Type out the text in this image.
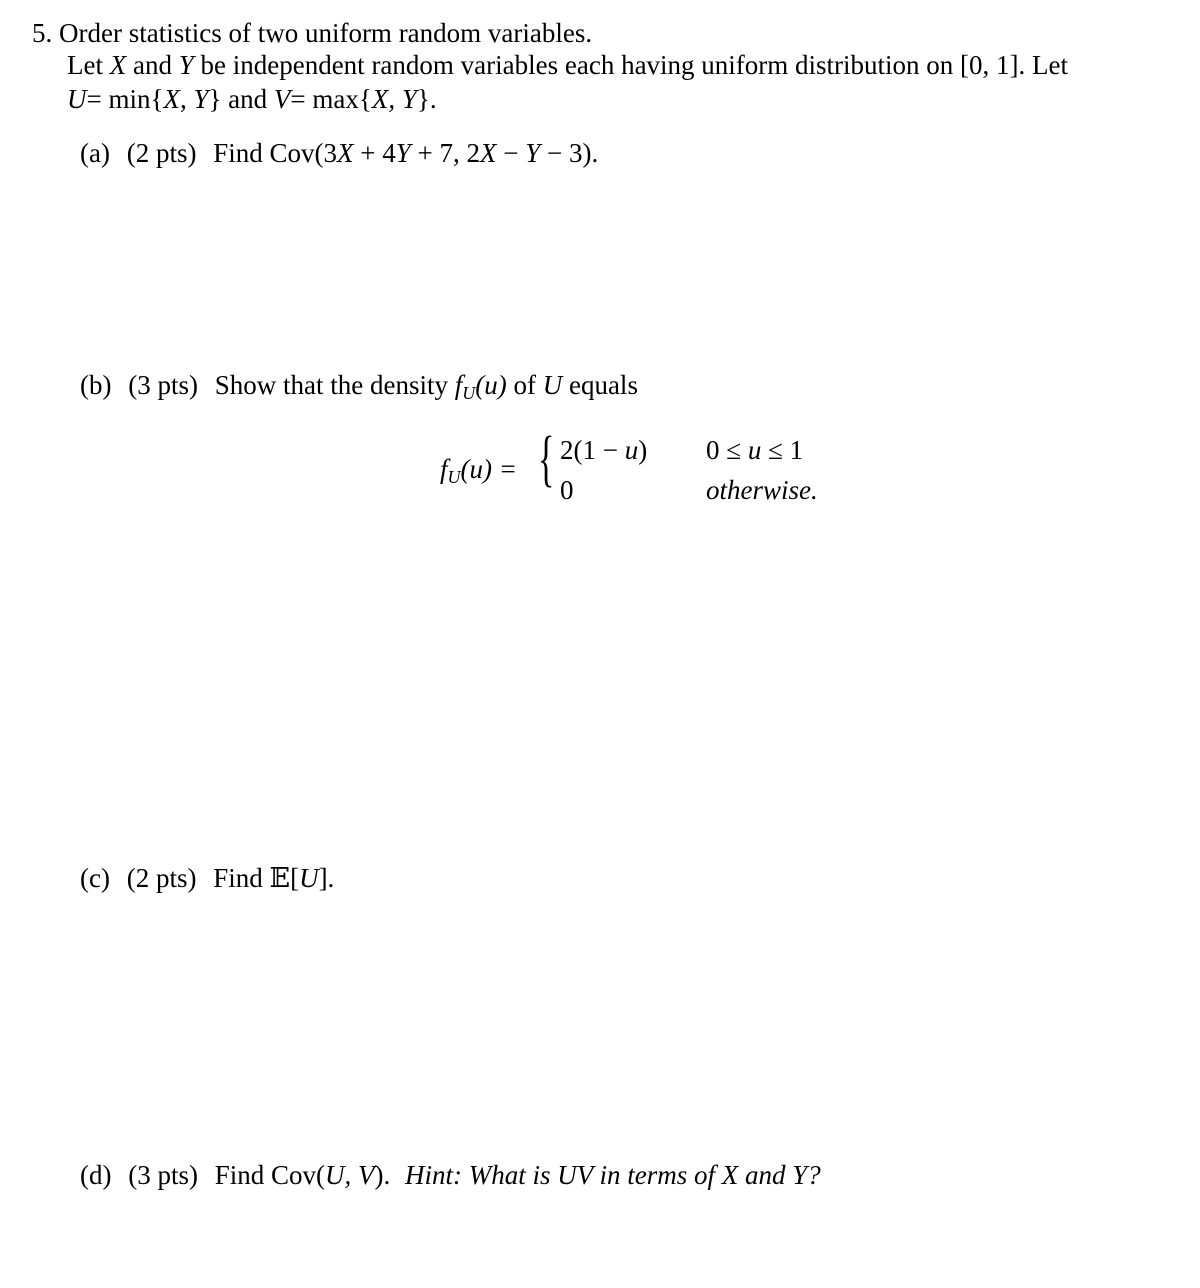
5. Order statistics of two uniform random variables.
Let X and Y be independent random variables each having uniform distribution on [0, 1]. Let
U= min{X, Y} and V= max{X, Y}.
(a) (2 pts) Find Cov(3X + 4Y + 7, 2X − Y − 3).
(b) (3 pts) Show that the density $f_U(u)$ of U equals
$f_U(u)$ = { 2(1 − u) 0 ≤ u ≤ 1
0	otherwise.
(c) (2 pts) Find 𝔼[U].
(d) (3 pts) Find Cov(U, V). Hint: What is UV in terms of X and Y?
